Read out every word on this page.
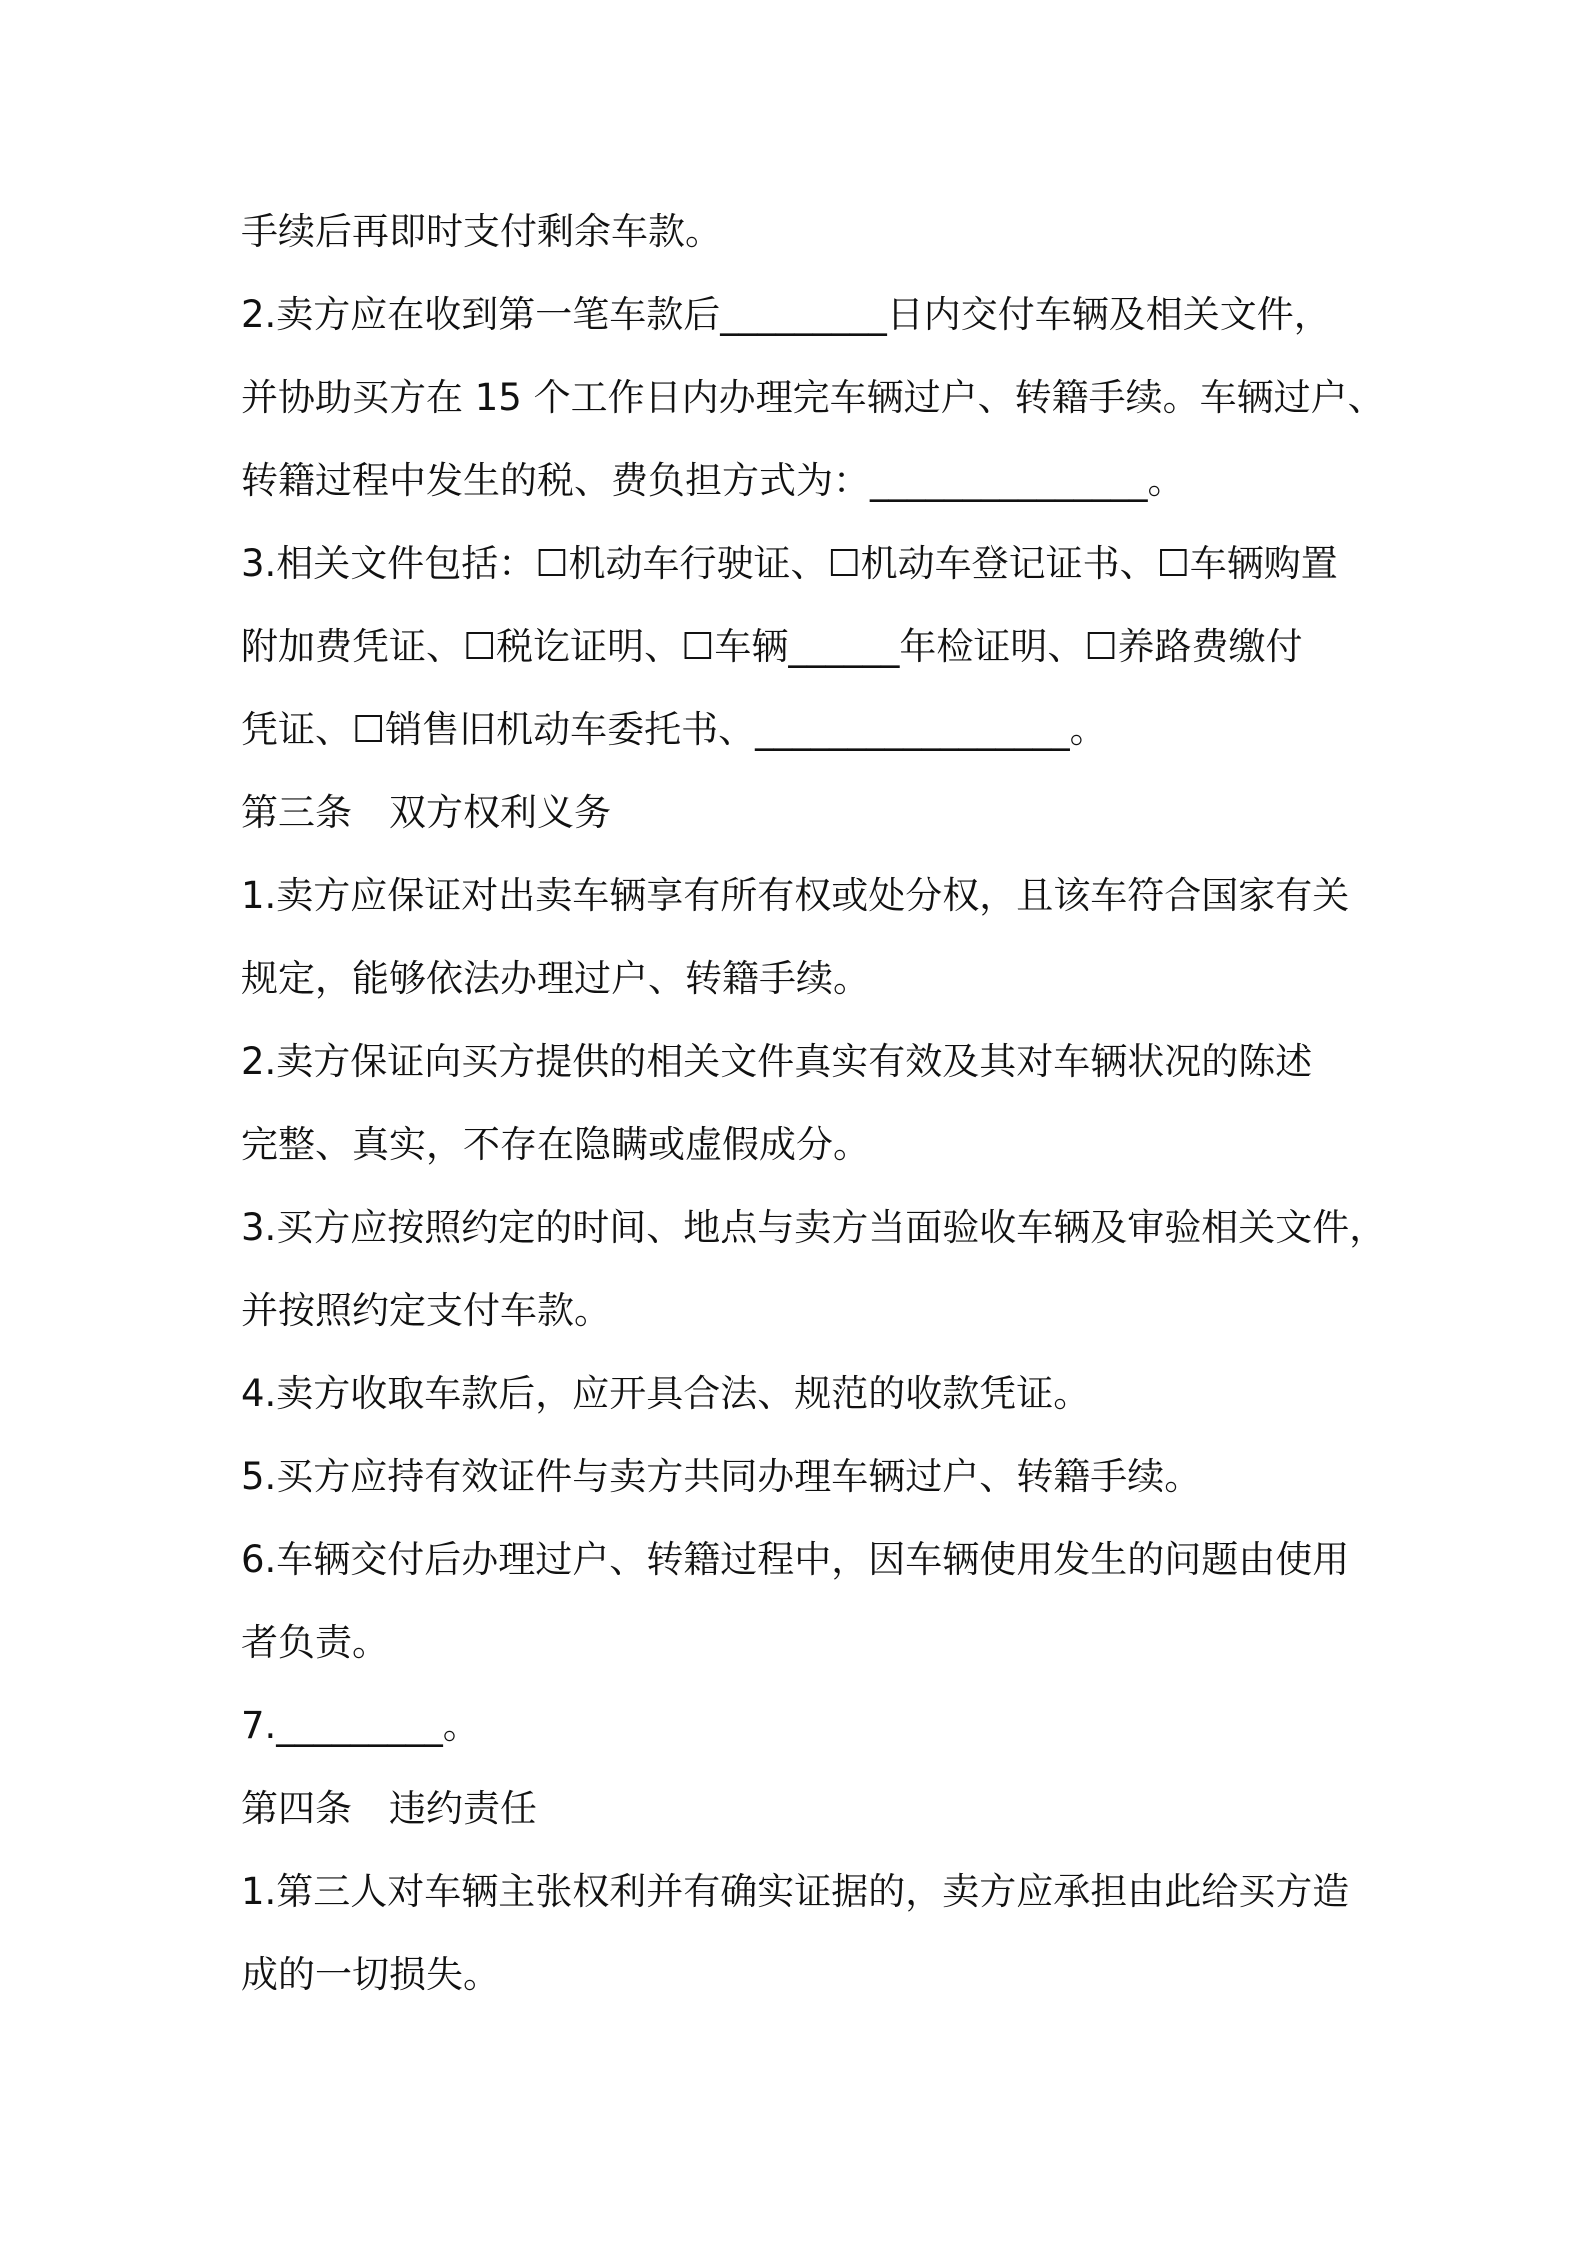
手续后再即时支付剩余车款。
2.卖方应在收到第一笔车款后_________日内交付车辆及相关文件，
并协助买方在 15 个工作日内办理完车辆过户、转籍手续。车辆过户、
转籍过程中发生的税、费负担方式为：_______________。
3.相关文件包括：☐机动车行驶证、☐机动车登记证书、☐车辆购置
附加费凭证、☐税讫证明、☐车辆______年检证明、☐养路费缴付
凭证、☐销售旧机动车委托书、_________________。
第三条　双方权利义务
1.卖方应保证对出卖车辆享有所有权或处分权，且该车符合国家有关
规定，能够依法办理过户、转籍手续。
2.卖方保证向买方提供的相关文件真实有效及其对车辆状况的陈述
完整、真实，不存在隐瞒或虚假成分。
3.买方应按照约定的时间、地点与卖方当面验收车辆及审验相关文件，
并按照约定支付车款。
4.卖方收取车款后，应开具合法、规范的收款凭证。
5.买方应持有效证件与卖方共同办理车辆过户、转籍手续。
6.车辆交付后办理过户、转籍过程中，因车辆使用发生的问题由使用
者负责。
7._________。
第四条　违约责任
1.第三人对车辆主张权利并有确实证据的，卖方应承担由此给买方造
成的一切损失。
